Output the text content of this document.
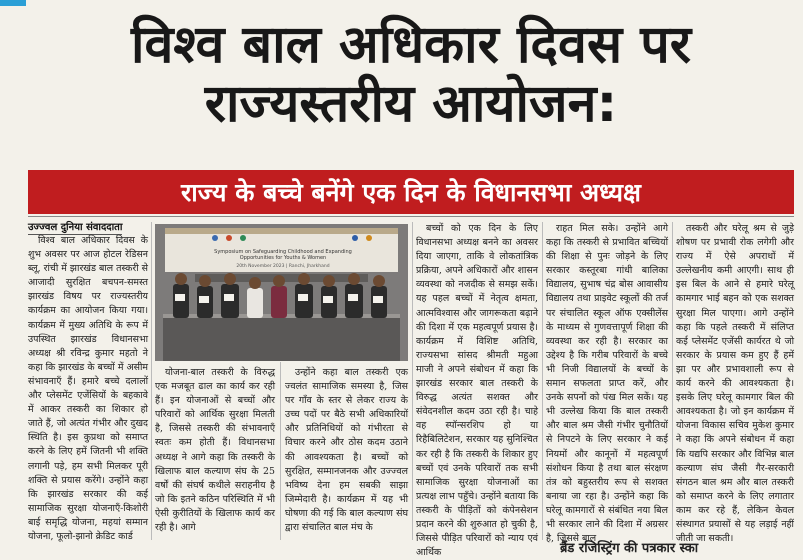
विश्व बाल अधिकार दिवस पर
राज्यस्तरीय आयोजन:
राज्य के बच्चे बनेंगे एक दिन के विधानसभा अध्यक्ष
उज्ज्वल दुनिया संवाददाता

विश्व बाल अधिकार दिवस के शुभ अवसर पर आज होटल रेडिसन ब्लू, रांची में झारखंड बाल तस्करी से आजादी सुरक्षित बचपन-समस्त झारखंड विषय पर राज्यस्तरीय कार्यक्रम का आयोजन किया गया। कार्यक्रम में मुख्य अतिथि के रूप में उपस्थित झारखंड विधानसभा अध्यक्ष श्री रविन्द्र कुमार महतो ने कहा कि झारखंड के बच्चों में असीम संभावनाएँ हैं। हमारे बच्चे दलालों और प्लेसमेंट एजेंसियों के बहकावे में आकर तस्करी का शिकार हो जाते हैं, जो अत्यंत गंभीर और दुखद स्थिति है। इस कुप्रथा को समाप्त करने के लिए हमें जितनी भी शक्ति लगानी पड़े, हम सभी मिलकर पूरी शक्ति से प्रयास करेंगे। उन्होंने कहा कि झारखंड सरकार की कई सामाजिक सुरक्षा योजनाएँ-किशोरी बाई समृद्धि योजना, महयां सम्मान योजना, फूलो-झानो क्रेडिट कार्ड

Symposium on Safeguarding Childhood and Expanding Opportunities for Youths & Women
20th November 2023 | Ranchi, Jharkhand

योजना-बाल तस्करी के विरुद्ध एक मजबूत ढाल का कार्य कर रही हैं। इन योजनाओं से बच्चों और परिवारों को आर्थिक सुरक्षा मिलती है, जिससे तस्करी की संभावनाएँ स्वतः कम होती हैं। विधानसभा अध्यक्ष ने आगे कहा कि तस्करी के खिलाफ बाल कल्याण संघ के 25 वर्षों की संघर्ष कथीले सराहनीय है जो कि इतने कठिन परिस्थिति में भी ऐसी कुरीतियों के खिलाफ कार्य कर रही है। आगे

उन्होंने कहा बाल तस्करी एक ज्वलंत सामाजिक समस्या है, जिस पर गाँव के स्तर से लेकर राज्य के उच्च पदों पर बैठे सभी अधिकारियों और प्रतिनिधियों को गंभीरता से विचार करने और ठोस कदम उठाने की आवश्यकता है। बच्चों को सुरक्षित, सम्मानजनक और उज्ज्वल भविष्य देना हम सबकी साझा जिम्मेदारी है। कार्यक्रम में यह भी घोषणा की गई कि बाल कल्याण संघ द्वारा संचालित बाल मंच के

बच्चों को एक दिन के लिए विधानसभा अध्यक्ष बनने का अवसर दिया जाएगा, ताकि वे लोकतांत्रिक प्रक्रिया, अपने अधिकारों और शासन व्यवस्था को नजदीक से समझ सकें। यह पहल बच्चों में नेतृत्व क्षमता, आत्मविश्वास और जागरूकता बढ़ाने की दिशा में एक महत्वपूर्ण प्रयास है। कार्यक्रम में विशिष्ट अतिथि, राज्यसभा सांसद श्रीमती महुआ माजी ने अपने संबोधन में कहा कि झारखंड सरकार बाल तस्करी के विरुद्ध अत्यंत सशक्त और संवेदनशील कदम उठा रही है। चाहे वह स्पॉन्सरशिप हो या रिहैबिलिटेशन, सरकार यह सुनिश्चित कर रही है कि तस्करी के शिकार हुए बच्चों एवं उनके परिवारों तक सभी सामाजिक सुरक्षा योजनाओं का प्रत्यक्ष लाभ पहुँचे। उन्होंने बताया कि तस्करी के पीड़ितों को कंपेनसेशन प्रदान करने की शुरुआत हो चुकी है, जिससे पीड़ित परिवारों को न्याय एवं आर्थिक

राहत मिल सके। उन्होंने आगे कहा कि तस्करी से प्रभावित बच्चियों की शिक्षा से पुनः जोड़ने के लिए सरकार कस्तूरबा गांधी बालिका विद्यालय, सुभाष चंद्र बोस आवासीय विद्यालय तथा प्राइवेट स्कूलों की तर्ज पर संचालित स्कूल ऑफ एक्सीलेंस के माध्यम से गुणवत्तापूर्ण शिक्षा की व्यवस्था कर रही है। सरकार का उद्देश्य है कि गरीब परिवारों के बच्चे भी निजी विद्यालयों के बच्चों के समान सफलता प्राप्त करें, और उनके सपनों को पंख मिल सकें। यह भी उल्लेख किया कि बाल तस्करी और बाल श्रम जैसी गंभीर चुनौतियों से निपटने के लिए सरकार ने कई नियमों और कानूनों में महत्वपूर्ण संशोधन किया है तथा बाल संरक्षण तंत्र को बहुस्तरीय रूप से सशक्त बनाया जा रहा है। उन्होंने कहा कि घरेलू कामगारों से संबंधित नया बिल भी सरकार लाने की दिशा में अग्रसर है, जिससे बाल

तस्करी और घरेलू श्रम से जुड़े शोषण पर प्रभावी रोक लगेगी और राज्य में ऐसे अपराधों में उल्लेखनीय कमी आएगी। साथ ही इस बिल के आने से हमारे घरेलू कामगार भाई बहन को एक सशक्त सुरक्षा मिल पाएगा। आगे उन्होंने कहा कि पहले तस्करी में संलिप्त कई प्लेसमेंट एजेंसी कार्यरत थे जो सरकार के प्रयास कम हुए हैं हमें झा पर और प्रभावशाली रूप से कार्य करने की आवश्यकता है। इसके लिए घरेलू कामगार बिल की आवश्यकता है। जो इन कार्यक्रम में योजना विकास सचिव मुकेश कुमार ने कहा कि अपने संबोधन में कहा कि यद्यपि सरकार और विभिन्न बाल कल्याण संघ जैसी गैर-सरकारी संगठन बाल श्रम और बाल तस्करी को समाप्त करने के लिए लगातार काम कर रहे हैं, लेकिन केवल संस्थागत प्रयासों से यह लड़ाई नहीं जीती जा सकती।

ब्रैंड रजिस्ट्रिंग की पत्रकार स्का
